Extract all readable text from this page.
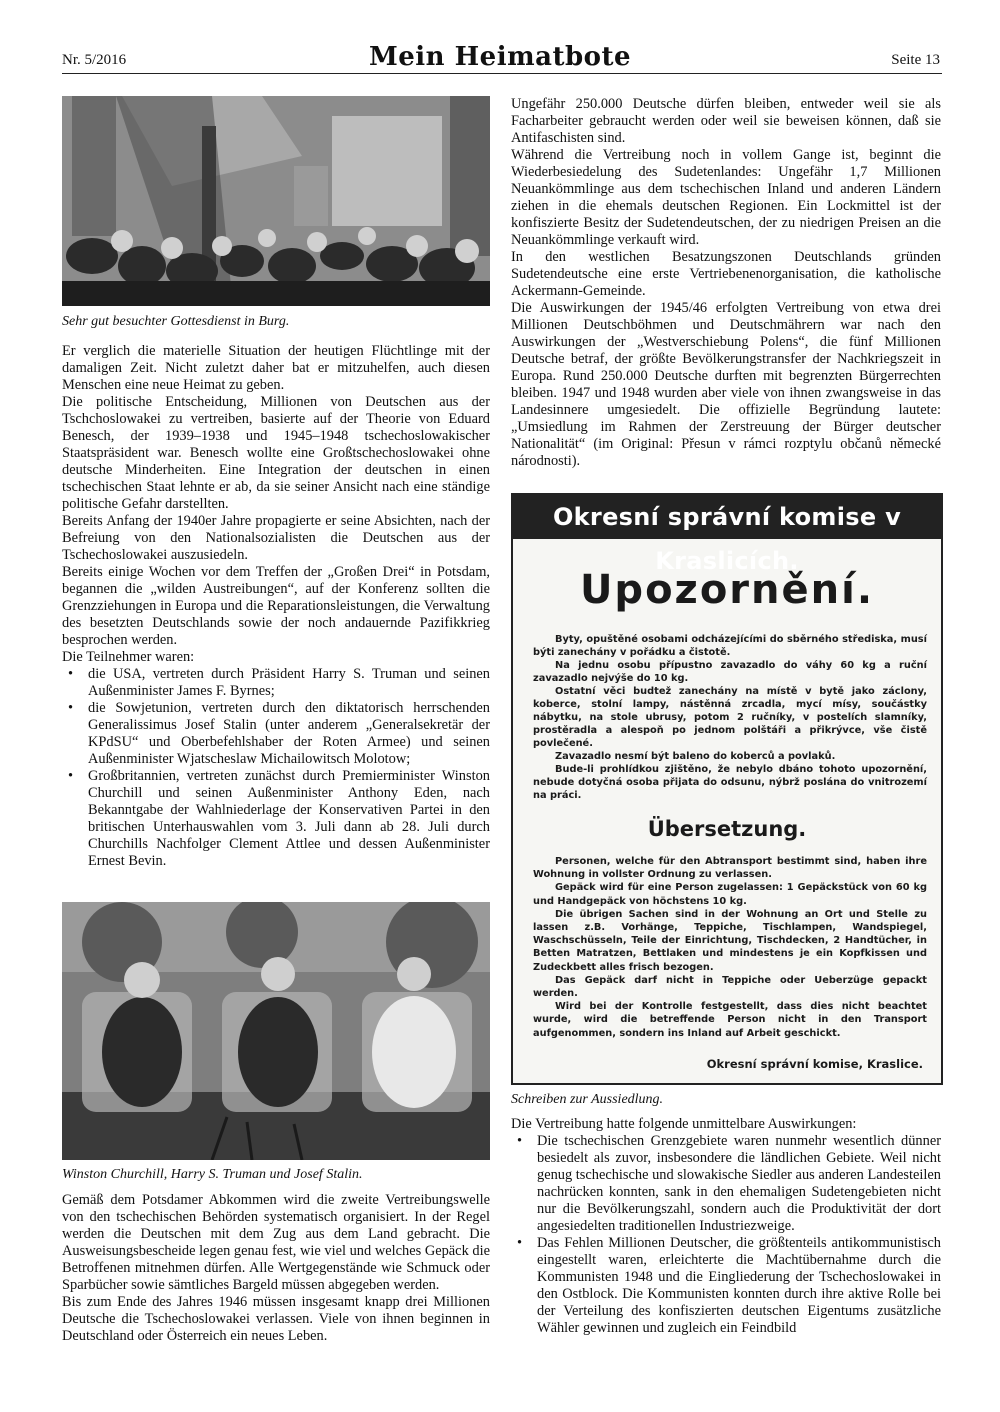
Nr. 5/2016	Mein Heimatbote	Seite 13
Sehr gut besuchter Gottesdienst in Burg.

Er verglich die materielle Situation der heutigen Flüchtlinge mit der damaligen Zeit. Nicht zuletzt daher bat er mitzuhelfen, auch diesen Menschen eine neue Heimat zu geben.

Die politische Entscheidung, Millionen von Deutschen aus der Tschchoslowakei zu vertreiben, basierte auf der Theorie von Eduard Benesch, der 1939–1938 und 1945–1948 tschechoslowakischer Staatspräsident war. Benesch wollte eine Großtschechoslowakei ohne deutsche Minderheiten. Eine Integration der deutschen in einen tschechischen Staat lehnte er ab, da sie seiner Ansicht nach eine ständige politische Gefahr darstellten.

Bereits Anfang der 1940er Jahre propagierte er seine Absichten, nach der Befreiung von den Nationalsozialisten die Deutschen aus der Tschechoslowakei auszusiedeln.

Bereits einige Wochen vor dem Treffen der „Großen Drei“ in Potsdam, begannen die „wilden Austreibungen“, auf der Konferenz sollten die Grenzziehungen in Europa und die Reparationsleistungen, die Verwaltung des besetzten Deutschlands sowie der noch andauernde Pazifikkrieg besprochen werden.

Die Teilnehmer waren:

• die USA, vertreten durch Präsident Harry S. Truman und seinen Außenminister James F. Byrnes;
• die Sowjetunion, vertreten durch den diktatorisch herrschenden Generalissimus Josef Stalin (unter anderem „Generalsekretär der KPdSU“ und Oberbefehlshaber der Roten Armee) und seinen Außenminister Wjatscheslaw Michailowitsch Molotow;
• Großbritannien, vertreten zunächst durch Premierminister Winston Churchill und seinen Außenminister Anthony Eden, nach Bekanntgabe der Wahlniederlage der Konservativen Partei in den britischen Unterhauswahlen vom 3. Juli dann ab 28. Juli durch Churchills Nachfolger Clement Attlee und dessen Außenminister Ernest Bevin.
Winston Churchill, Harry S. Truman und Josef Stalin.

Gemäß dem Potsdamer Abkommen wird die zweite Vertreibungswelle von den tschechischen Behörden systematisch organisiert. In der Regel werden die Deutschen mit dem Zug aus dem Land gebracht. Die Ausweisungsbescheide legen genau fest, wie viel und welches Gepäck die Betroffenen mitnehmen dürfen. Alle Wertgegenstände wie Schmuck oder Sparbücher sowie sämtliches Bargeld müssen abgegeben werden.

Bis zum Ende des Jahres 1946 müssen insgesamt knapp drei Millionen Deutsche die Tschechoslowakei verlassen. Viele von ihnen beginnen in Deutschland oder Österreich ein neues Leben.

Ungefähr 250.000 Deutsche dürfen bleiben, entweder weil sie als Facharbeiter gebraucht werden oder weil sie beweisen können, daß sie Antifaschisten sind.

Während die Vertreibung noch in vollem Gange ist, beginnt die Wiederbesiedelung des Sudetenlandes: Ungefähr 1,7 Millionen Neuankömmlinge aus dem tschechischen Inland und anderen Ländern ziehen in die ehemals deutschen Regionen. Ein Lockmittel ist der konfiszierte Besitz der Sudetendeutschen, der zu niedrigen Preisen an die Neuankömmlinge verkauft wird.

In den westlichen Besatzungszonen Deutschlands gründen Sudetendeutsche eine erste Vertriebenenorganisation, die katholische Ackermann-Gemeinde.

Die Auswirkungen der 1945/46 erfolgten Vertreibung von etwa drei Millionen Deutschböhmen und Deutschmährern war nach den Auswirkungen der „Westverschiebung Polens“, die fünf Millionen Deutsche betraf, der größte Bevölkerungstransfer der Nachkriegszeit in Europa. Rund 250.000 Deutsche durften mit begrenzten Bürgerrechten bleiben. 1947 und 1948 wurden aber viele von ihnen zwangsweise in das Landesinnere umgesiedelt. Die offizielle Begründung lautete: „Umsiedlung im Rahmen der Zerstreuung der Bürger deutscher Nationalität“ (im Original: Přesun v rámci rozptylu občanů německé národnosti).

Okresní správní komise v Kraslicích.
Upozornění.

Byty, opuštěné osobami odcházejícími do sběrného střediska, musí býti zanechány v pořádku a čistotě.

Na jednu osobu přípustno zavazadlo do váhy 60 kg a ruční zavazadlo nejvýše do 10 kg.

Ostatní věci budtež zanechány na místě v bytě jako záclony, koberce, stolní lampy, nástěnná zrcadla, mycí mísy, součástky nábytku, na stole ubrusy, potom 2 ručníky, v postelích slamníky, prostěradla a alespoň po jednom polštáři a přikrývce, vše čistě povlečené.

Zavazadlo nesmí být baleno do koberců a povlaků.

Bude-li prohlídkou zjištěno, že nebylo dbáno tohoto upozornění, nebude dotyčná osoba přijata do odsunu, nýbrž poslána do vnitrozemí na práci.

Übersetzung.

Personen, welche für den Abtransport bestimmt sind, haben ihre Wohnung in vollster Ordnung zu verlassen.

Gepäck wird für eine Person zugelassen: 1 Gepäckstück von 60 kg und Handgepäck von höchstens 10 kg.

Die übrigen Sachen sind in der Wohnung an Ort und Stelle zu lassen z.B. Vorhänge, Teppiche, Tischlampen, Wandspiegel, Waschschüsseln, Teile der Einrichtung, Tischdecken, 2 Handtücher, in Betten Matratzen, Bettlaken und mindestens je ein Kopfkissen und Zudeckbett alles frisch bezogen.

Das Gepäck darf nicht in Teppiche oder Ueberzüge gepackt werden.

Wird bei der Kontrolle festgestellt, dass dies nicht beachtet wurde, wird die betreffende Person nicht in den Transport aufgenommen, sondern ins Inland auf Arbeit geschickt.

Okresní správní komise, Kraslice.
Schreiben zur Aussiedlung.

Die Vertreibung hatte folgende unmittelbare Auswirkungen:

• Die tschechischen Grenzgebiete waren nunmehr wesentlich dünner besiedelt als zuvor, insbesondere die ländlichen Gebiete. Weil nicht genug tschechische und slowakische Siedler aus anderen Landesteilen nachrücken konnten, sank in den ehemaligen Sudetengebieten nicht nur die Bevölkerungszahl, sondern auch die Produktivität der dort angesiedelten traditionellen Industriezweige.
• Das Fehlen Millionen Deutscher, die größtenteils antikommunistisch eingestellt waren, erleichterte die Machtübernahme durch die Kommunisten 1948 und die Eingliederung der Tschechoslowakei in den Ostblock. Die Kommunisten konnten durch ihre aktive Rolle bei der Verteilung des konfiszierten deutschen Eigentums zusätzliche Wähler gewinnen und zugleich ein Feindbild
